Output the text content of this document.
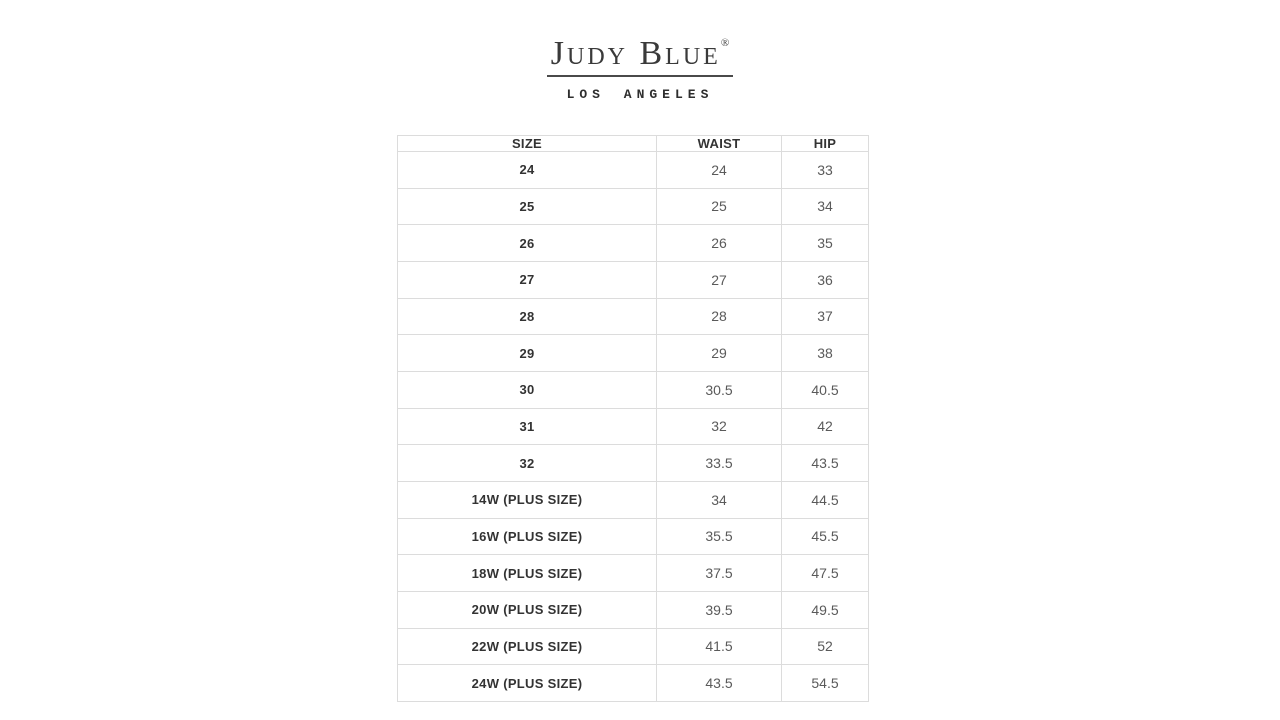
Judy Blue®
LOS ANGELES
SIZE	WAIST	HIP
24	24	33
25	25	34
26	26	35
27	27	36
28	28	37
29	29	38
30	30.5	40.5
31	32	42
32	33.5	43.5
14W (PLUS SIZE)	34	44.5
16W (PLUS SIZE)	35.5	45.5
18W (PLUS SIZE)	37.5	47.5
20W (PLUS SIZE)	39.5	49.5
22W (PLUS SIZE)	41.5	52
24W (PLUS SIZE)	43.5	54.5
